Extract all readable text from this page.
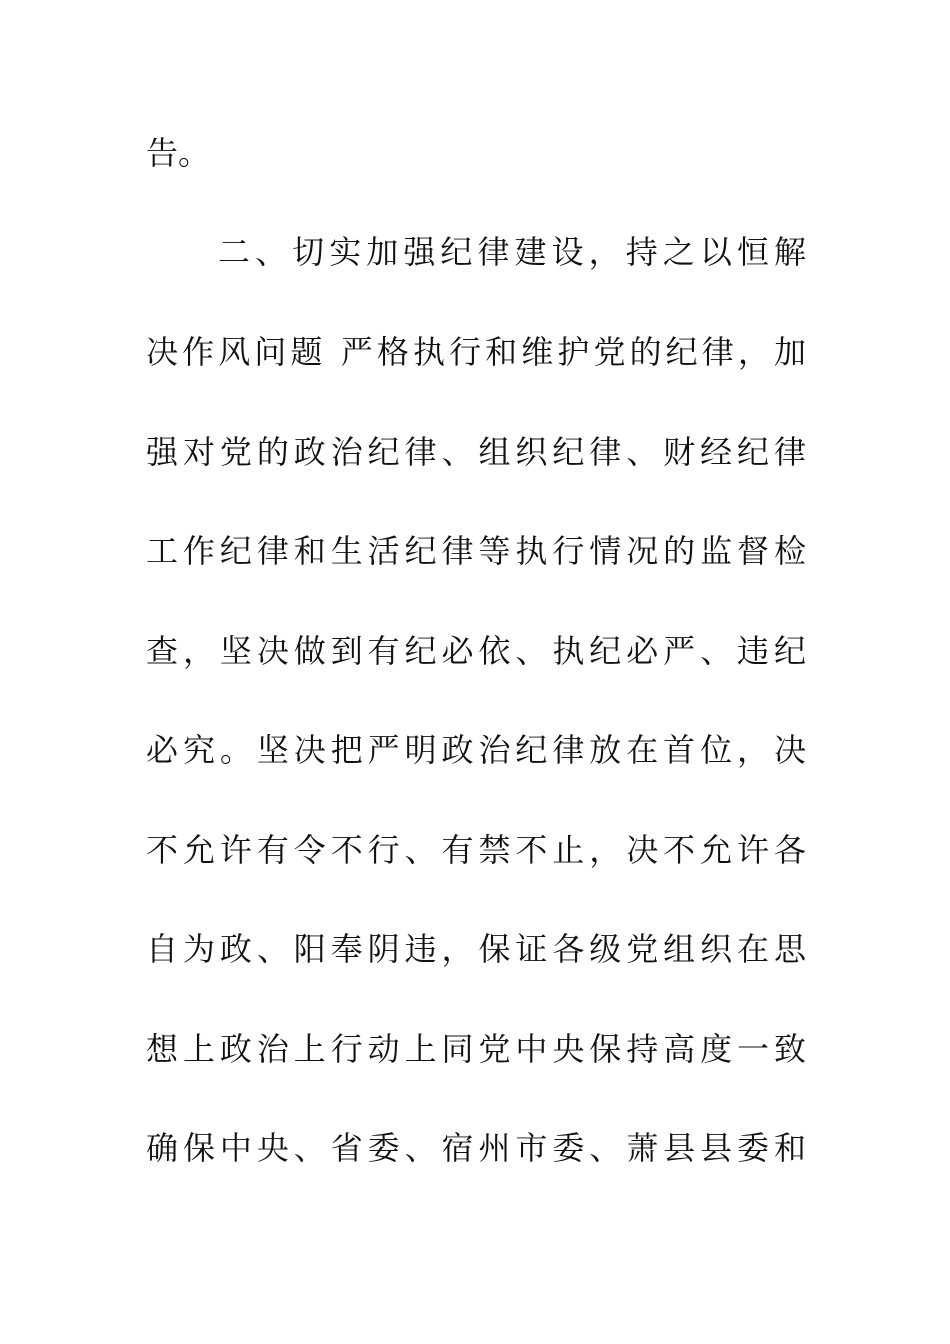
告。
二、切实加强纪律建设，持之以恒解
决作风问题 严格执行和维护党的纪律，加
强对党的政治纪律、组织纪律、财经纪律
工作纪律和生活纪律等执行情况的监督检
查，坚决做到有纪必依、执纪必严、违纪
必究。坚决把严明政治纪律放在首位，决
不允许有令不行、有禁不止，决不允许各
自为政、阳奉阴违，保证各级党组织在思
想上政治上行动上同党中央保持高度一致
确保中央、省委、宿州市委、萧县县委和
